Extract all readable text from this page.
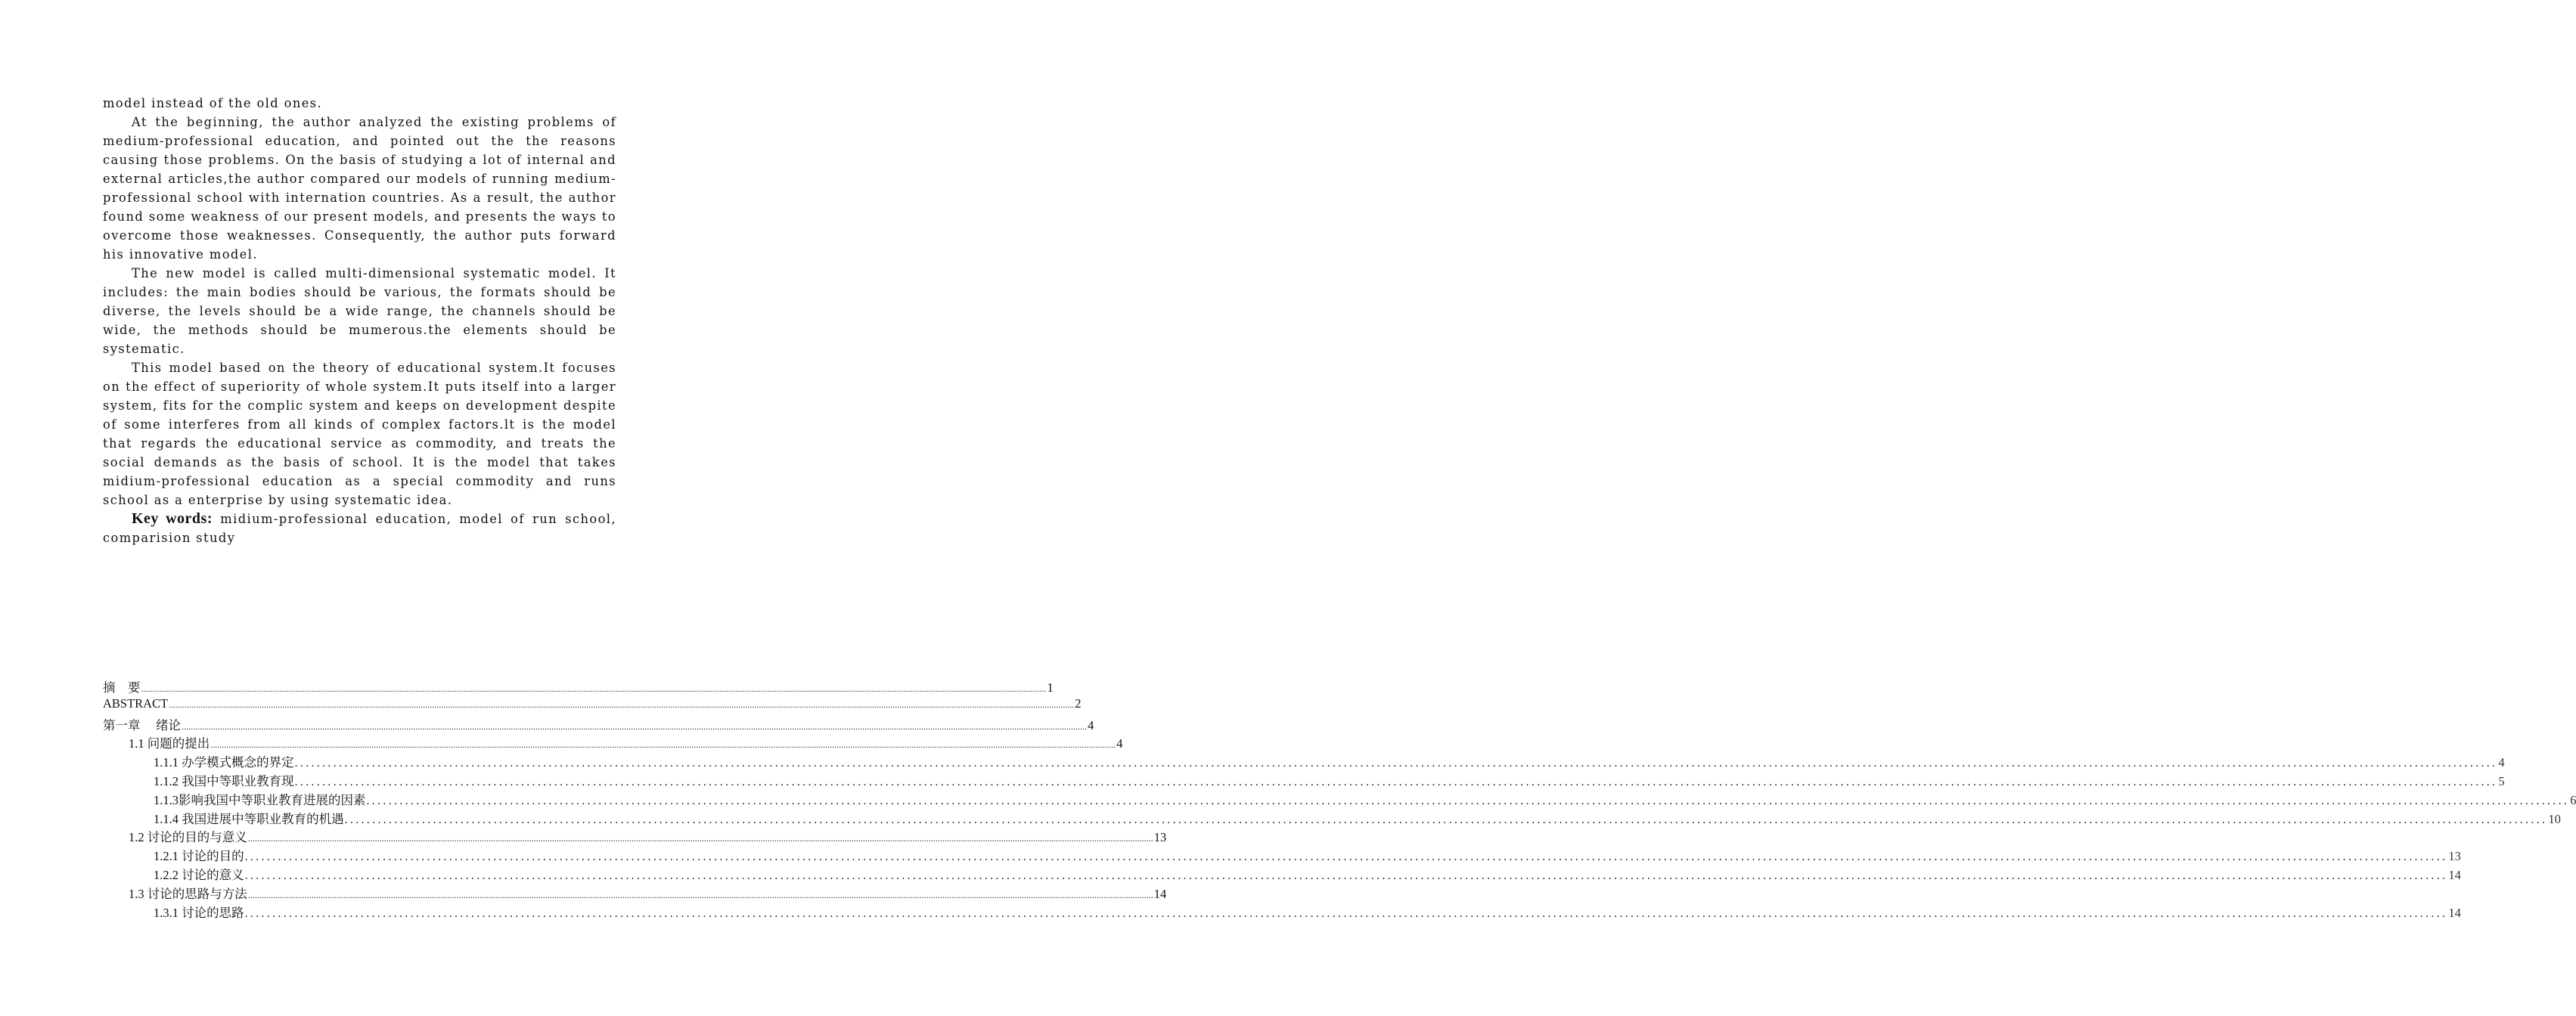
model instead of the old ones.

At the beginning, the author analyzed the existing problems of medium-professional education, and pointed out the the reasons causing those problems. On the basis of studying a lot of internal and external articles,the author compared our models of running medium-professional school with internation countries. As a result, the author found some weakness of our present models, and presents the ways to overcome those weaknesses. Consequently, the author puts forward his innovative model.

The new model is called multi-dimensional systematic model. It includes: the main bodies should be various, the formats should be diverse, the levels should be a wide range, the channels should be wide, the methods should be mumerous.the elements should be systematic.

This model based on the theory of educational system.It focuses on the effect of superiority of whole system.It puts itself into a larger system, fits for the complic system and keeps on development despite of some interferes from all kinds of complex factors.lt is the model that regards the educational service as commodity, and treats the social demands as the basis of school. It is the model that takes midium-professional education as a special commodity and runs school as a enterprise by using systematic idea.

Key words: midium-professional education, model of run school, comparision study

摘　要 ............................................................................................................................................................................................................................................................................................................................................................................................................... 1
ABSTRACT ............................................................................................................................................................................................................................................................................................................................................................................................................... 2
第一章　 绪论 ............................................................................................................................................................................................................................................................................................................................................................................................................... 4
1.1 问题的提出 ............................................................................................................................................................................................................................................................................................................................................................................................................... 4
1.1.1 办学模式概念的界定 ............................................................................................................................................................................................................................................................................................................................................................................................................... 4
1.1.2 我国中等职业教育现 ............................................................................................................................................................................................................................................................................................................................................................................................................... 5
1.1.3影响我国中等职业教育进展的因素 ............................................................................................................................................................................................................................................................................................................................................................................................................... 6
1.1.4 我国进展中等职业教育的机遇 ............................................................................................................................................................................................................................................................................................................................................................................................................... 10
1.2 讨论的目的与意义 ............................................................................................................................................................................................................................................................................................................................................................................................................... 13
1.2.1 讨论的目的 ............................................................................................................................................................................................................................................................................................................................................................................................................... 13
1.2.2 讨论的意义 ............................................................................................................................................................................................................................................................................................................................................................................................................... 14
1.3 讨论的思路与方法 ............................................................................................................................................................................................................................................................................................................................................................................................................... 14
1.3.1 讨论的思路 ............................................................................................................................................................................................................................................................................................................................................................................................................... 14
